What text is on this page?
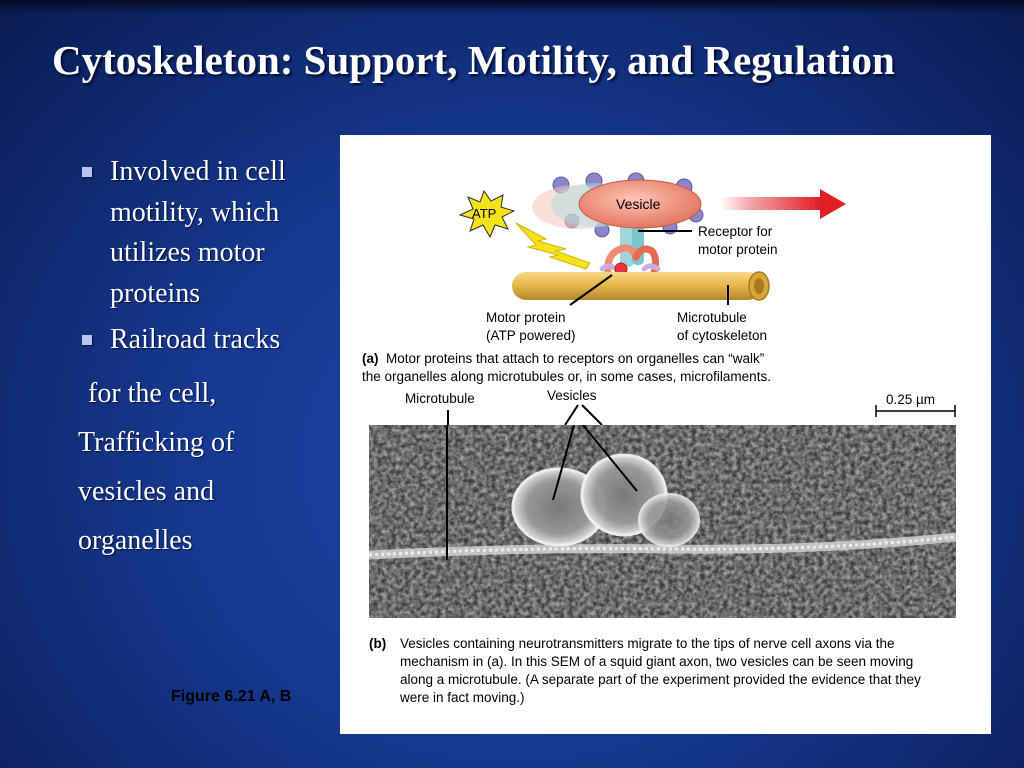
Cytoskeleton: Support, Motility, and Regulation
Involved in cell motility, which utilizes motor proteins
Railroad tracks
for the cell,
Trafficking of
vesicles and
organelles
Figure 6.21 A, B
Vesicle
ATP
Receptor for
motor protein
Motor protein
(ATP powered)
Microtubule
of cytoskeleton
(a) Motor proteins that attach to receptors on organelles can “walk”
the organelles along microtubules or, in some cases, microfilaments.
Microtubule	Vesicles	0.25 µm
(b)	Vesicles containing neurotransmitters migrate to the tips of nerve cell axons via the mechanism in (a). In this SEM of a squid giant axon, two vesicles can be seen moving along a microtubule. (A separate part of the experiment provided the evidence that they were in fact moving.)
